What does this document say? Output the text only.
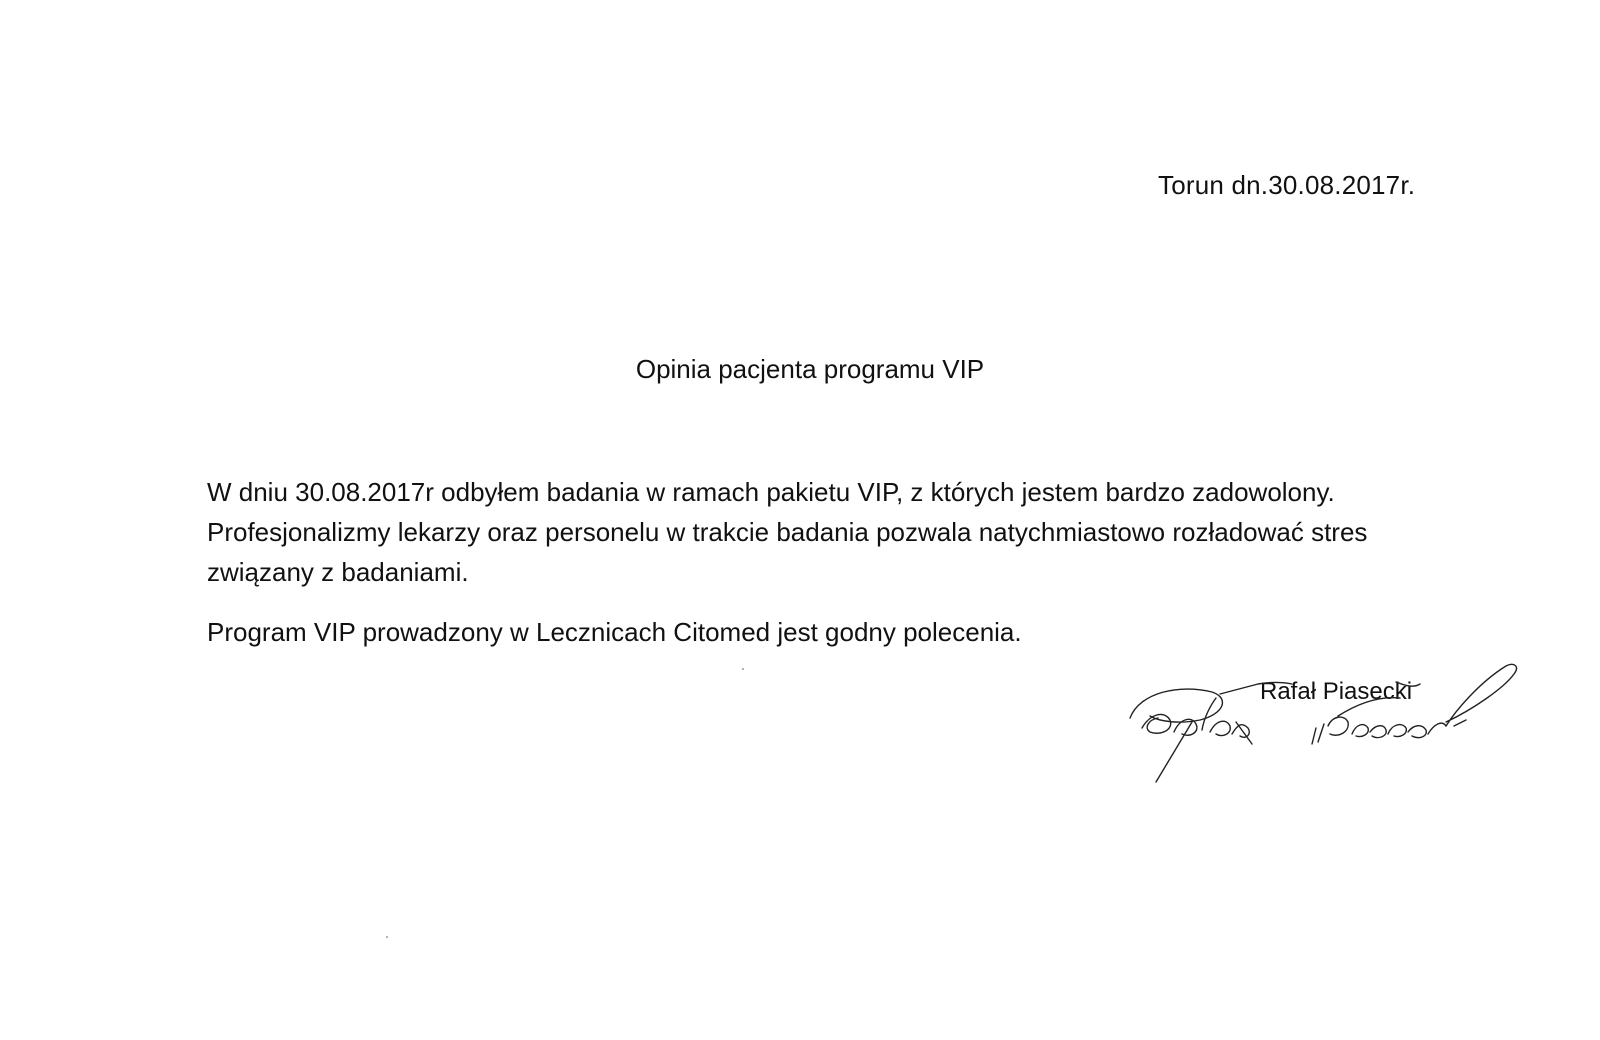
Torun dn.30.08.2017r.
Opinia pacjenta programu VIP

W dniu 30.08.2017r odbyłem badania w ramach pakietu VIP, z których jestem bardzo zadowolony. Profesjonalizmy lekarzy oraz personelu w trakcie badania pozwala natychmiastowo rozładować stres związany z badaniami.

Program VIP prowadzony w Lecznicach Citomed jest godny polecenia.

Rafał Piasecki
